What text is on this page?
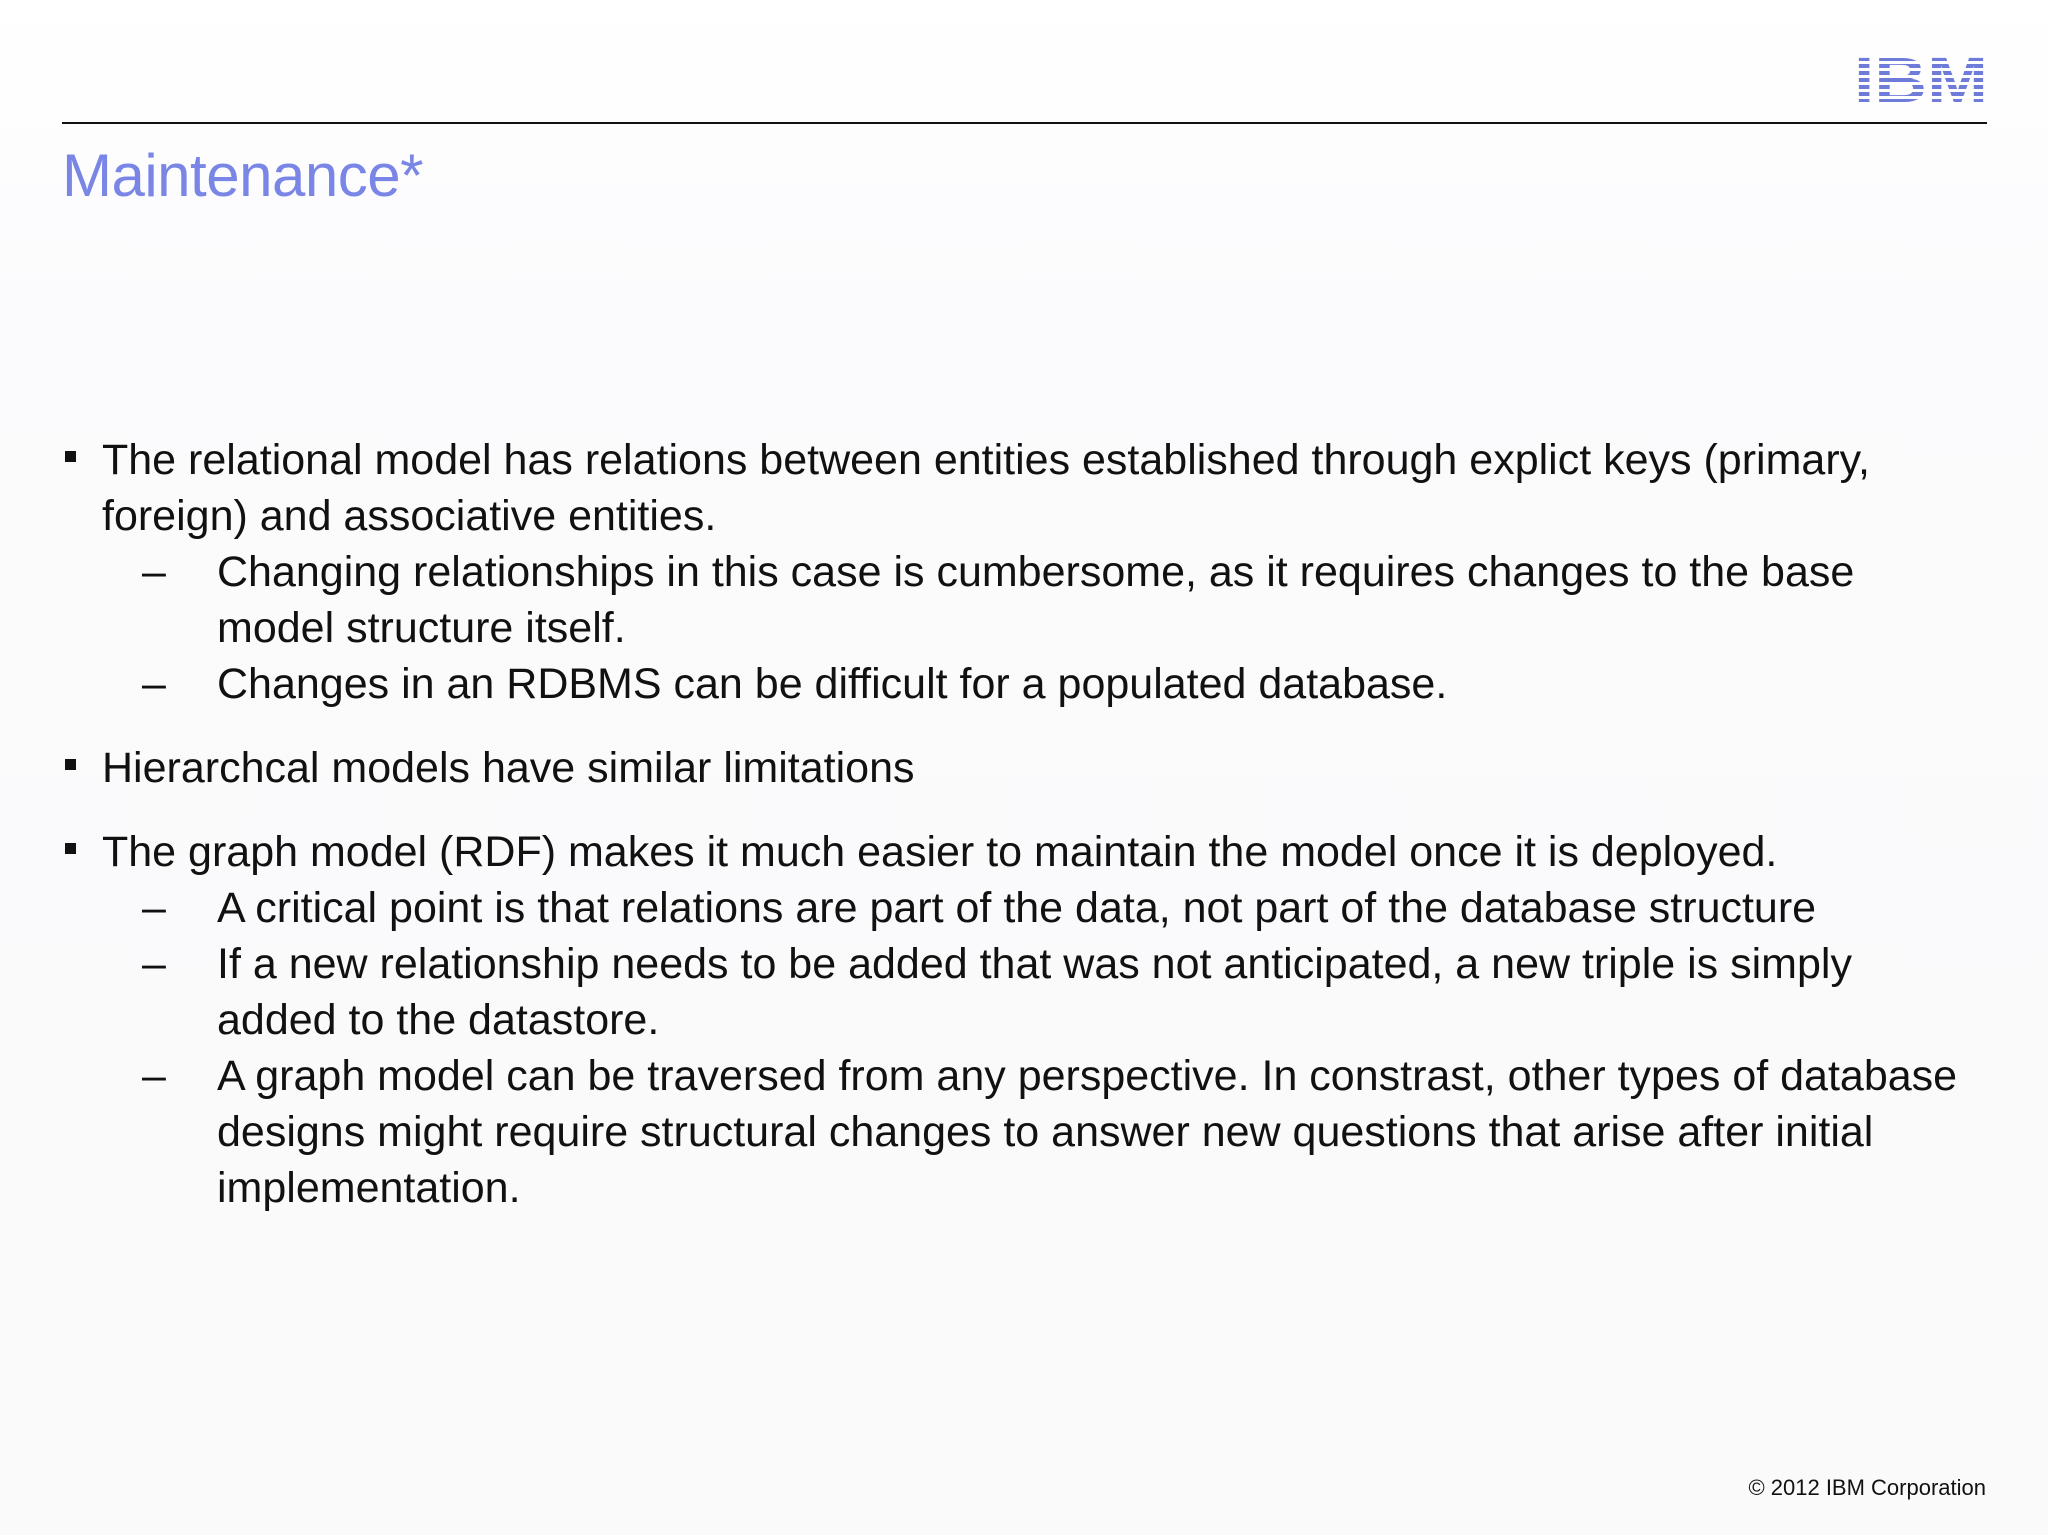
IBM
Maintenance*
The relational model has relations between entities established through explict keys (primary, foreign) and associative entities.
– Changing relationships in this case is cumbersome, as it requires changes to the base model structure itself.
– Changes in an RDBMS can be difficult for a populated database.
Hierarchcal models have similar limitations
The graph model (RDF) makes it much easier to maintain the model once it is deployed.
– A critical point is that relations are part of the data, not part of the database structure
– If a new relationship needs to be added that was not anticipated, a new triple is simply added to the datastore.
– A graph model can be traversed from any perspective. In constrast, other types of database designs might require structural changes to answer new questions that arise after initial implementation.
© 2012 IBM Corporation
